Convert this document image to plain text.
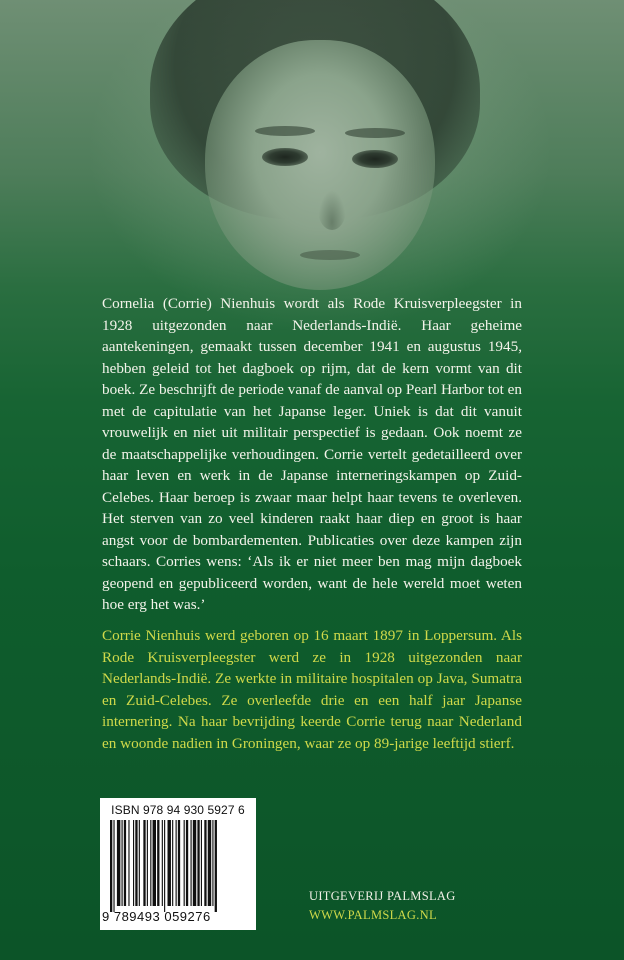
Cornelia (Corrie) Nienhuis wordt als Rode Kruisverpleegster in 1928 uitgezonden naar Nederlands-Indië. Haar geheime aantekeningen, gemaakt tussen december 1941 en augustus 1945, hebben geleid tot het dagboek op rijm, dat de kern vormt van dit boek. Ze beschrijft de periode vanaf de aanval op Pearl Harbor tot en met de capitulatie van het Japanse leger. Uniek is dat dit vanuit vrouwelijk en niet uit militair perspectief is gedaan. Ook noemt ze de maatschappelijke verhoudingen. Corrie vertelt gedetailleerd over haar leven en werk in de Japanse interneringskampen op Zuid-Celebes. Haar beroep is zwaar maar helpt haar tevens te overleven. Het sterven van zo veel kinderen raakt haar diep en groot is haar angst voor de bombardementen. Publicaties over deze kampen zijn schaars. Corries wens: ‘Als ik er niet meer ben mag mijn dagboek geopend en gepubliceerd worden, want de hele wereld moet weten hoe erg het was.’

Corrie Nienhuis werd geboren op 16 maart 1897 in Loppersum. Als Rode Kruisverpleegster werd ze in 1928 uitgezonden naar Nederlands-Indië. Ze werkte in militaire hospitalen op Java, Sumatra en Zuid-Celebes. Ze overleefde drie en een half jaar Japanse internering. Na haar bevrijding keerde Corrie terug naar Nederland en woonde nadien in Groningen, waar ze op 89-jarige leeftijd stierf.

ISBN 978 94 930 5927 6
9 789493 059276
UITGEVERIJ PALMSLAG
WWW.PALMSLAG.NL
